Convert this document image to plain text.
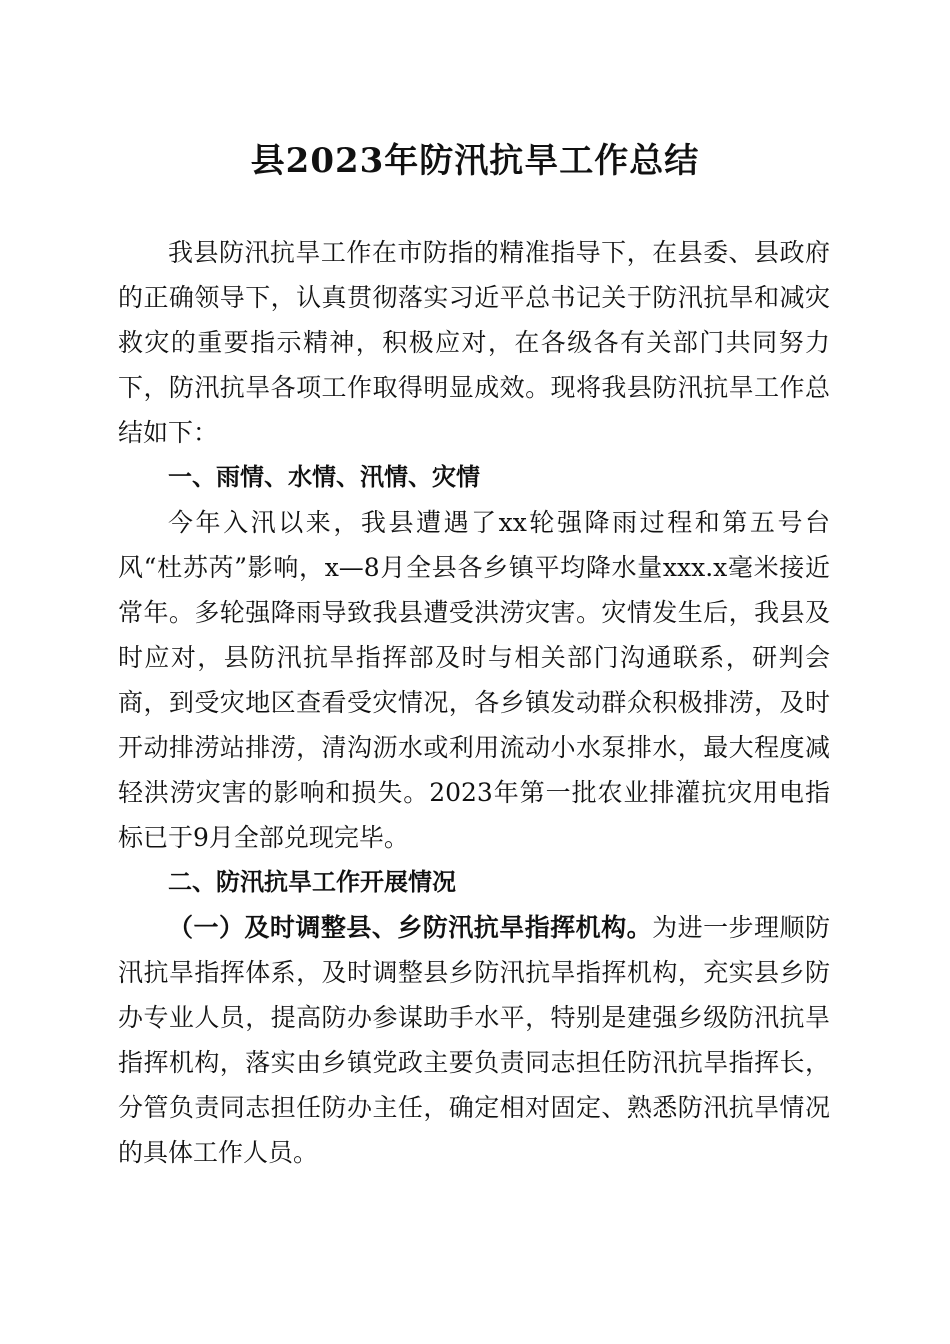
县2023年防汛抗旱工作总结

我县防汛抗旱工作在市防指的精准指导下，在县委、县政府的正确领导下，认真贯彻落实习近平总书记关于防汛抗旱和减灾救灾的重要指示精神，积极应对，在各级各有关部门共同努力下，防汛抗旱各项工作取得明显成效。现将我县防汛抗旱工作总结如下：

一、雨情、水情、汛情、灾情

今年入汛以来，我县遭遇了xx轮强降雨过程和第五号台风“杜苏芮”影响，x—8月全县各乡镇平均降水量xxx.x毫米接近常年。多轮强降雨导致我县遭受洪涝灾害。灾情发生后，我县及时应对，县防汛抗旱指挥部及时与相关部门沟通联系，研判会商，到受灾地区查看受灾情况，各乡镇发动群众积极排涝，及时开动排涝站排涝，清沟沥水或利用流动小水泵排水，最大程度减轻洪涝灾害的影响和损失。2023年第一批农业排灌抗灾用电指标已于9月全部兑现完毕。

二、防汛抗旱工作开展情况

（一）及时调整县、乡防汛抗旱指挥机构。为进一步理顺防汛抗旱指挥体系，及时调整县乡防汛抗旱指挥机构，充实县乡防办专业人员，提高防办参谋助手水平，特别是建强乡级防汛抗旱指挥机构，落实由乡镇党政主要负责同志担任防汛抗旱指挥长，分管负责同志担任防办主任，确定相对固定、熟悉防汛抗旱情况的具体工作人员。
